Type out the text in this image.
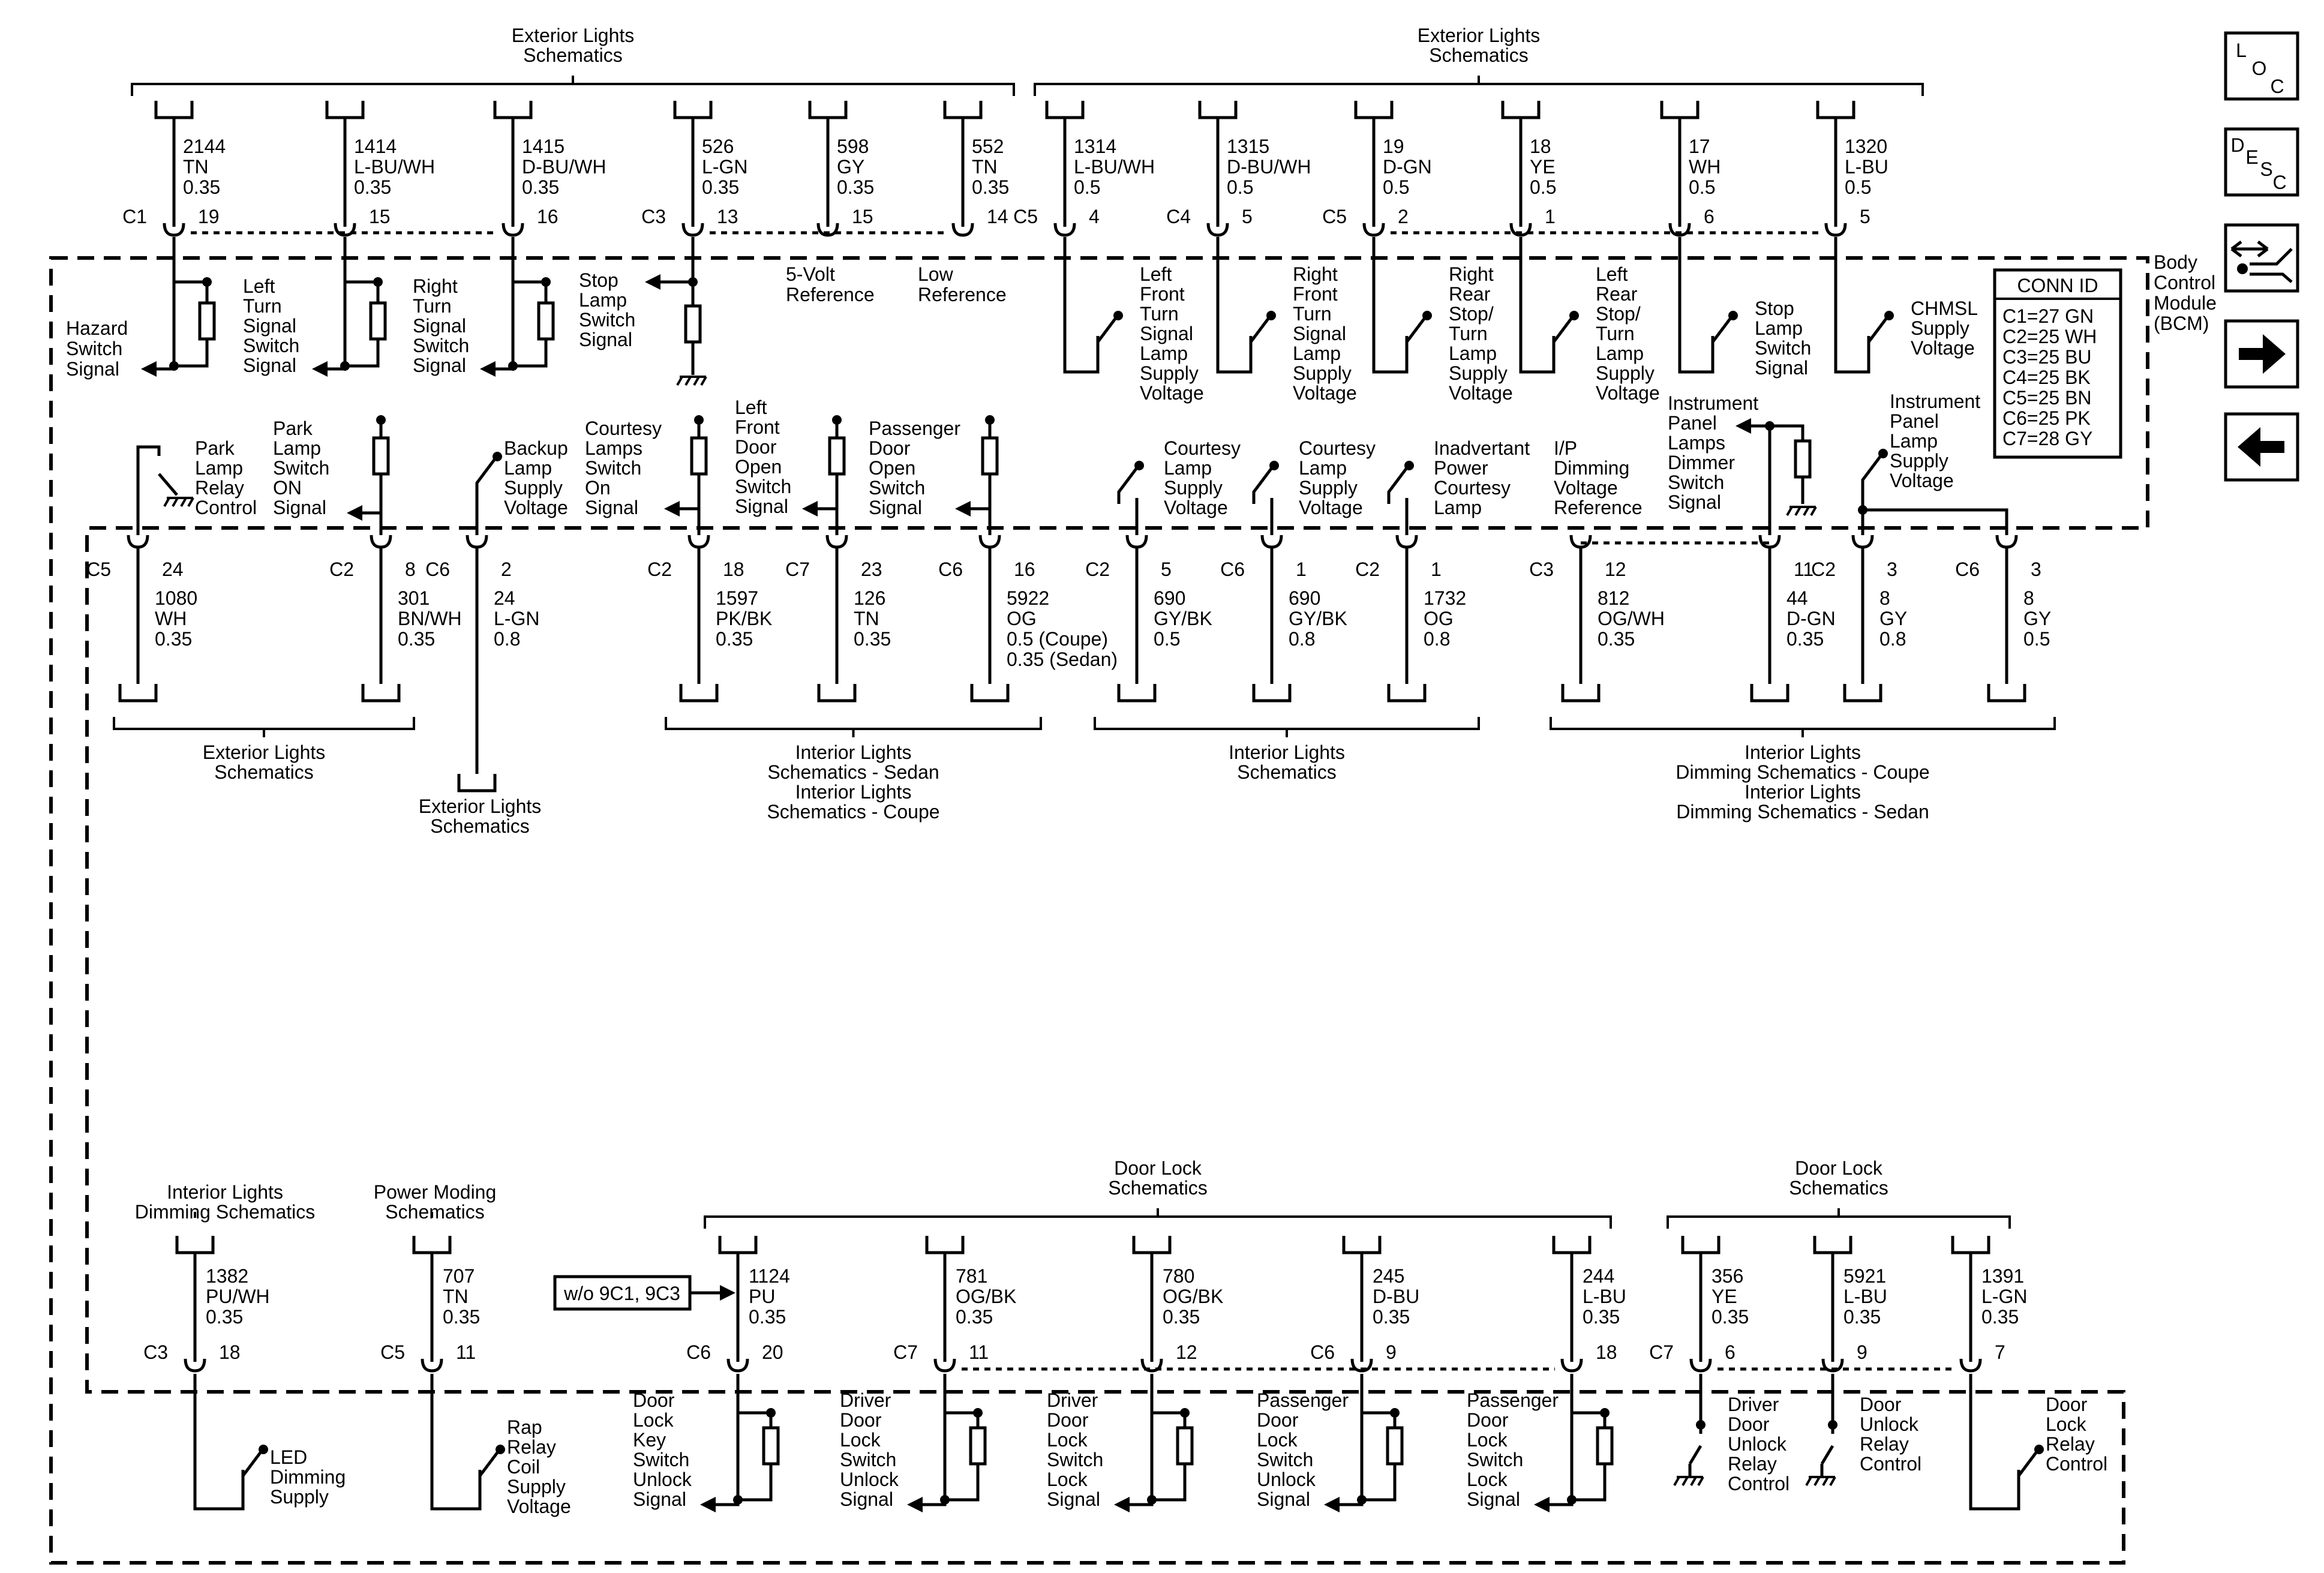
Exterior Lights
Schematics
Exterior Lights
Schematics
Exterior Lights
Schematics
Exterior Lights
Schematics
Interior Lights
Schematics - Sedan
Interior Lights
Schematics - Coupe
Interior Lights
Schematics
Interior Lights
Dimming Schematics - Coupe
Interior Lights
Dimming Schematics - Sedan
Interior Lights
Dimming Schematics
Power Moding
Schematics
Door Lock
Schematics
Door Lock
Schematics
2144
TN
0.35
C1	19
1414
L-BU/WH
0.35
15
1415
D-BU/WH
0.35
16
526
L-GN
0.35
C3	13
598
GY
0.35
15
552
TN
0.35
14
1314
L-BU/WH
0.5
C5	4
1315
D-BU/WH
0.5
C4	5
19
D-GN
0.5
C5	2
18
YE
0.5
1
17
WH
0.5
6
1320
L-BU
0.5
5
1080
WH
0.35
C5	24
301
BN/WH
0.35
C2	8
24
L-GN
0.8
C6	2
1597
PK/BK
0.35
C2	18
126
TN
0.35
C7	23
5922
OG
0.5 (Coupe)
0.35 (Sedan)
C6	16
690
GY/BK
0.5
C2	5
690
GY/BK
0.8
C6	1
1732
OG
0.8
C2	1
812
OG/WH
0.35
C3	12
44
D-GN
0.35
11
8
GY
0.8
C2	3
8
GY
0.5
C6	3
1382
PU/WH
0.35
C3	18
707
TN
0.35
C5	11
1124
PU
0.35
C6	20
781
OG/BK
0.35
C7	11
780
OG/BK
0.35
12
245
D-BU
0.35
C6	9
244
L-BU
0.35
18
356
YE
0.35
C7	6
5921
L-BU
0.35
9
1391
L-GN
0.35
7
Hazard
Switch
Signal
Left
Turn
Signal
Switch
Signal
Right
Turn
Signal
Switch
Signal
Stop
Lamp
Switch
Signal
5-Volt
Reference
Low
Reference
Left
Front
Turn
Signal
Lamp
Supply
Voltage
Right
Front
Turn
Signal
Lamp
Supply
Voltage
Right
Rear
Stop/
Turn
Lamp
Supply
Voltage
Left
Rear
Stop/
Turn
Lamp
Supply
Voltage
Stop
Lamp
Switch
Signal
CHMSL
Supply
Voltage
Park
Lamp
Relay
Control
Park
Lamp
Switch
ON
Signal
Backup
Lamp
Supply
Voltage
Courtesy
Lamps
Switch
On
Signal
Left
Front
Door
Open
Switch
Signal
Passenger
Door
Open
Switch
Signal
Courtesy
Lamp
Supply
Voltage
Courtesy
Lamp
Supply
Voltage
Inadvertant
Power
Courtesy
Lamp
I/P
Dimming
Voltage
Reference
Instrument
Panel
Lamps
Dimmer
Switch
Signal
Instrument
Panel
Lamp
Supply
Voltage
LED
Dimming
Supply
Rap
Relay
Coil
Supply
Voltage
Door
Lock
Key
Switch
Unlock
Signal
Driver
Door
Lock
Switch
Unlock
Signal
Driver
Door
Lock
Switch
Lock
Signal
Passenger
Door
Lock
Switch
Unlock
Signal
Passenger
Door
Lock
Switch
Lock
Signal
Driver
Door
Unlock
Relay
Control
Door
Unlock
Relay
Control
Door
Lock
Relay
Control
Body
Control
Module
(BCM)
CONN ID
C1=27 GN
C2=25 WH
C3=25 BU
C4=25 BK
C5=25 BN
C6=25 PK
C7=28 GY
w/o 9C1, 9C3
L
O
C
D
E
S
C
